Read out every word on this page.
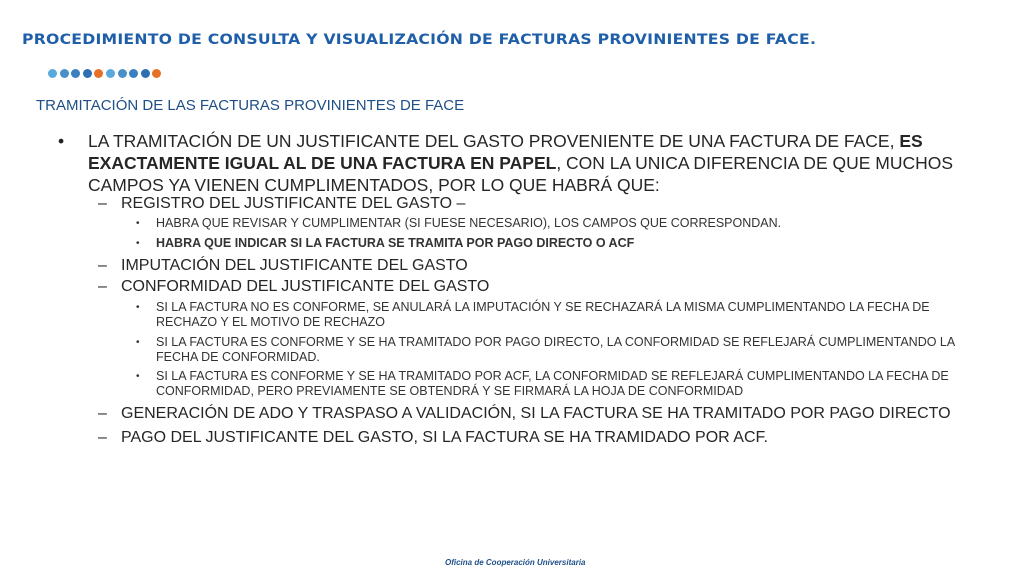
PROCEDIMIENTO DE CONSULTA Y VISUALIZACIÓN DE FACTURAS PROVINIENTES DE FACE.
TRAMITACIÓN DE LAS FACTURAS PROVINIENTES DE FACE
• LA TRAMITACIÓN DE UN JUSTIFICANTE DEL GASTO PROVENIENTE DE UNA FACTURA DE FACE, ES EXACTAMENTE IGUAL AL DE UNA FACTURA EN PAPEL, CON LA UNICA DIFERENCIA DE QUE MUCHOS CAMPOS YA VIENEN CUMPLIMENTADOS, POR LO QUE HABRÁ QUE:
– REGISTRO DEL JUSTIFICANTE DEL GASTO –
• HABRA QUE REVISAR Y CUMPLIMENTAR (SI FUESE NECESARIO), LOS CAMPOS QUE CORRESPONDAN.
• HABRA QUE INDICAR SI LA FACTURA SE TRAMITA POR PAGO DIRECTO O ACF
– IMPUTACIÓN DEL JUSTIFICANTE DEL GASTO
– CONFORMIDAD DEL JUSTIFICANTE DEL GASTO
• SI LA FACTURA NO ES CONFORME, SE ANULARÁ LA IMPUTACIÓN Y SE RECHAZARÁ LA MISMA CUMPLIMENTANDO LA FECHA DE RECHAZO Y EL MOTIVO DE RECHAZO
• SI LA FACTURA ES CONFORME Y SE HA TRAMITADO POR PAGO DIRECTO, LA CONFORMIDAD SE REFLEJARÁ CUMPLIMENTANDO LA FECHA DE CONFORMIDAD.
• SI LA FACTURA ES CONFORME Y SE HA TRAMITADO POR ACF, LA CONFORMIDAD SE REFLEJARÁ CUMPLIMENTANDO LA FECHA DE CONFORMIDAD, PERO PREVIAMENTE SE OBTENDRÁ Y SE FIRMARÁ LA HOJA DE CONFORMIDAD
– GENERACIÓN DE ADO Y TRASPASO A VALIDACIÓN, SI LA FACTURA SE HA TRAMITADO POR PAGO DIRECTO
– PAGO DEL JUSTIFICANTE DEL GASTO, SI LA FACTURA SE HA TRAMIDADO POR ACF.
Oficina de Cooperación Universitaria
